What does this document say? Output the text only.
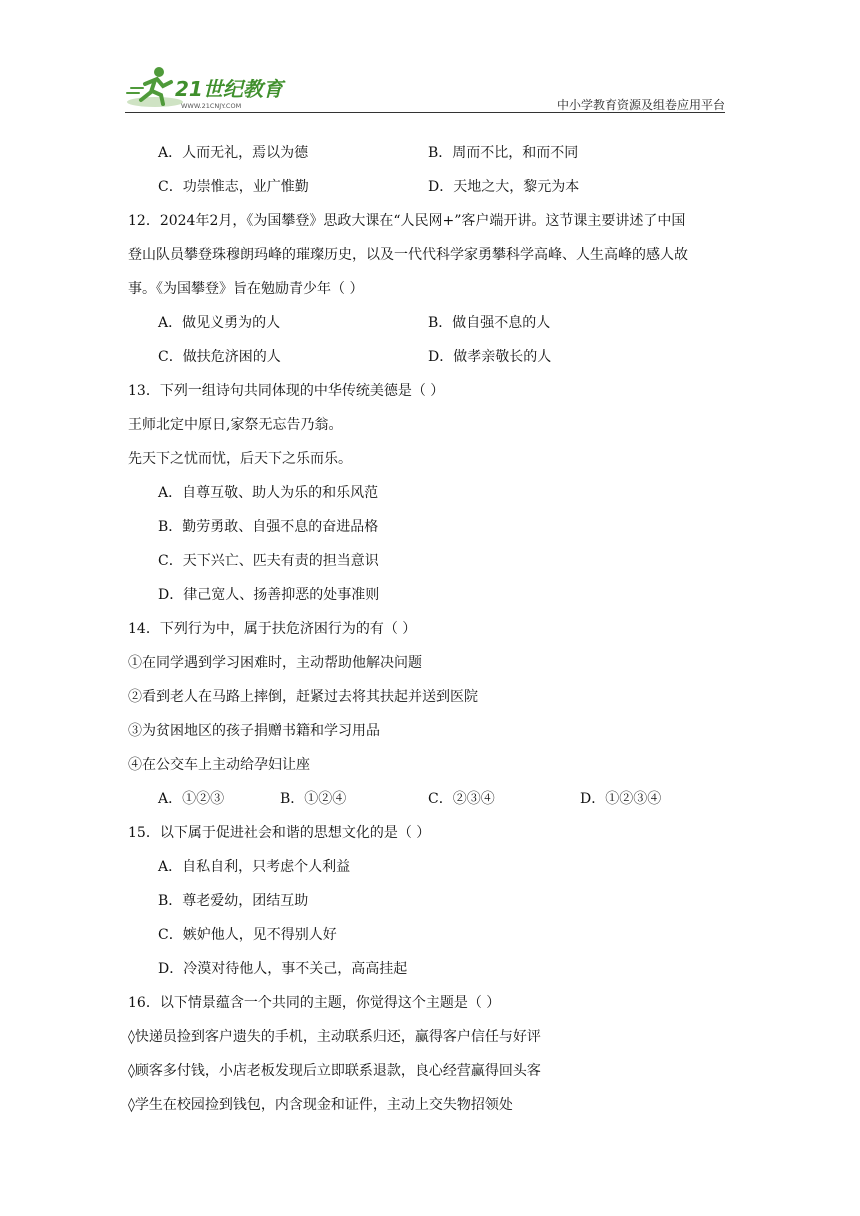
21世纪教育
WWW.21CNJY.COM	中小学教育资源及组卷应用平台
A．人而无礼，焉以为德	B．周而不比，和而不同
C．功崇惟志，业广惟勤	D．天地之大，黎元为本
12．2024年2月，《为国攀登》思政大课在“人民网+”客户端开讲。这节课主要讲述了中国
登山队员攀登珠穆朗玛峰的璀璨历史，以及一代代科学家勇攀科学高峰、人生高峰的感人故
事。《为国攀登》旨在勉励青少年（ ）
A．做见义勇为的人	B．做自强不息的人
C．做扶危济困的人	D．做孝亲敬长的人
13．下列一组诗句共同体现的中华传统美德是（ ）
王师北定中原日,家祭无忘告乃翁。
先天下之忧而忧，后天下之乐而乐。
A．自尊互敬、助人为乐的和乐风范
B．勤劳勇敢、自强不息的奋进品格
C．天下兴亡、匹夫有责的担当意识
D．律己宽人、扬善抑恶的处事准则
14．下列行为中，属于扶危济困行为的有（ ）
①在同学遇到学习困难时，主动帮助他解决问题
②看到老人在马路上摔倒，赶紧过去将其扶起并送到医院
③为贫困地区的孩子捐赠书籍和学习用品
④在公交车上主动给孕妇让座
A．①②③	B．①②④	C．②③④	D．①②③④
15．以下属于促进社会和谐的思想文化的是（ ）
A．自私自利，只考虑个人利益
B．尊老爱幼，团结互助
C．嫉妒他人，见不得别人好
D．冷漠对待他人，事不关己，高高挂起
16．以下情景蕴含一个共同的主题，你觉得这个主题是（ ）
◊快递员捡到客户遗失的手机，主动联系归还，赢得客户信任与好评
◊顾客多付钱，小店老板发现后立即联系退款，良心经营赢得回头客
◊学生在校园捡到钱包，内含现金和证件，主动上交失物招领处
